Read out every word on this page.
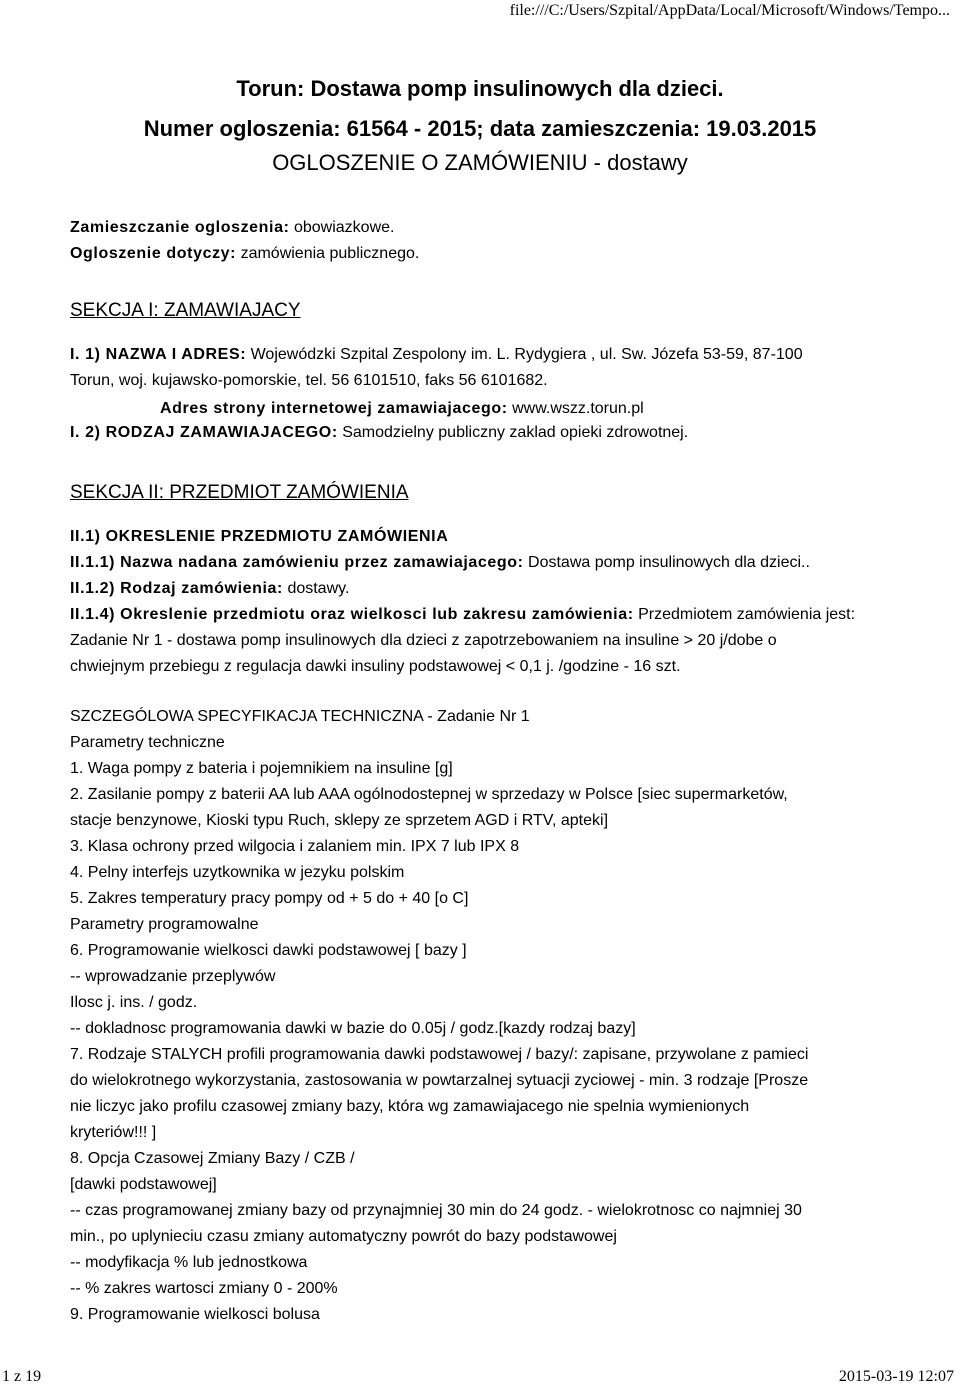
file:///C:/Users/Szpital/AppData/Local/Microsoft/Windows/Tempo...
Torun: Dostawa pomp insulinowych dla dzieci.
Numer ogloszenia: 61564 - 2015; data zamieszczenia: 19.03.2015
OGLOSZENIE O ZAMÓWIENIU - dostawy
Zamieszczanie ogloszenia: obowiazkowe.
Ogloszenie dotyczy: zamówienia publicznego.
SEKCJA I: ZAMAWIAJACY
I. 1) NAZWA I ADRES: Wojewódzki Szpital Zespolony im. L. Rydygiera , ul. Sw. Józefa 53-59, 87-100
Torun, woj. kujawsko-pomorskie, tel. 56 6101510, faks 56 6101682.
Adres strony internetowej zamawiajacego: www.wszz.torun.pl
I. 2) RODZAJ ZAMAWIAJACEGO: Samodzielny publiczny zaklad opieki zdrowotnej.
SEKCJA II: PRZEDMIOT ZAMÓWIENIA
II.1) OKRESLENIE PRZEDMIOTU ZAMÓWIENIA
II.1.1) Nazwa nadana zamówieniu przez zamawiajacego: Dostawa pomp insulinowych dla dzieci..
II.1.2) Rodzaj zamówienia: dostawy.
II.1.4) Okreslenie przedmiotu oraz wielkosci lub zakresu zamówienia: Przedmiotem zamówienia jest:
Zadanie Nr 1 - dostawa pomp insulinowych dla dzieci z zapotrzebowaniem na insuline > 20 j/dobe o
chwiejnym przebiegu z regulacja dawki insuliny podstawowej < 0,1 j. /godzine - 16 szt.
SZCZEGÓLOWA SPECYFIKACJA TECHNICZNA - Zadanie Nr 1
Parametry techniczne
1. Waga pompy z bateria i pojemnikiem na insuline [g]
2. Zasilanie pompy z baterii AA lub AAA ogólnodostepnej w sprzedazy w Polsce [siec supermarketów,
stacje benzynowe, Kioski typu Ruch, sklepy ze sprzetem AGD i RTV, apteki]
3. Klasa ochrony przed wilgocia i zalaniem min. IPX 7 lub IPX 8
4. Pelny interfejs uzytkownika w jezyku polskim
5. Zakres temperatury pracy pompy od + 5 do + 40 [o C]
Parametry programowalne
6. Programowanie wielkosci dawki podstawowej [ bazy ]
-- wprowadzanie przeplywów
Ilosc j. ins. / godz.
-- dokladnosc programowania dawki w bazie do 0.05j / godz.[kazdy rodzaj bazy]
7. Rodzaje STALYCH profili programowania dawki podstawowej / bazy/: zapisane, przywolane z pamieci
do wielokrotnego wykorzystania, zastosowania w powtarzalnej sytuacji zyciowej - min. 3 rodzaje [Prosze
nie liczyc jako profilu czasowej zmiany bazy, która wg zamawiajacego nie spelnia wymienionych
kryteriów!!! ]
8. Opcja Czasowej Zmiany Bazy / CZB /
[dawki podstawowej]
-- czas programowanej zmiany bazy od przynajmniej 30 min do 24 godz. - wielokrotnosc co najmniej 30
min., po uplynieciu czasu zmiany automatyczny powrót do bazy podstawowej
-- modyfikacja % lub jednostkowa
-- % zakres wartosci zmiany 0 - 200%
9. Programowanie wielkosci bolusa
1 z 19	2015-03-19 12:07
